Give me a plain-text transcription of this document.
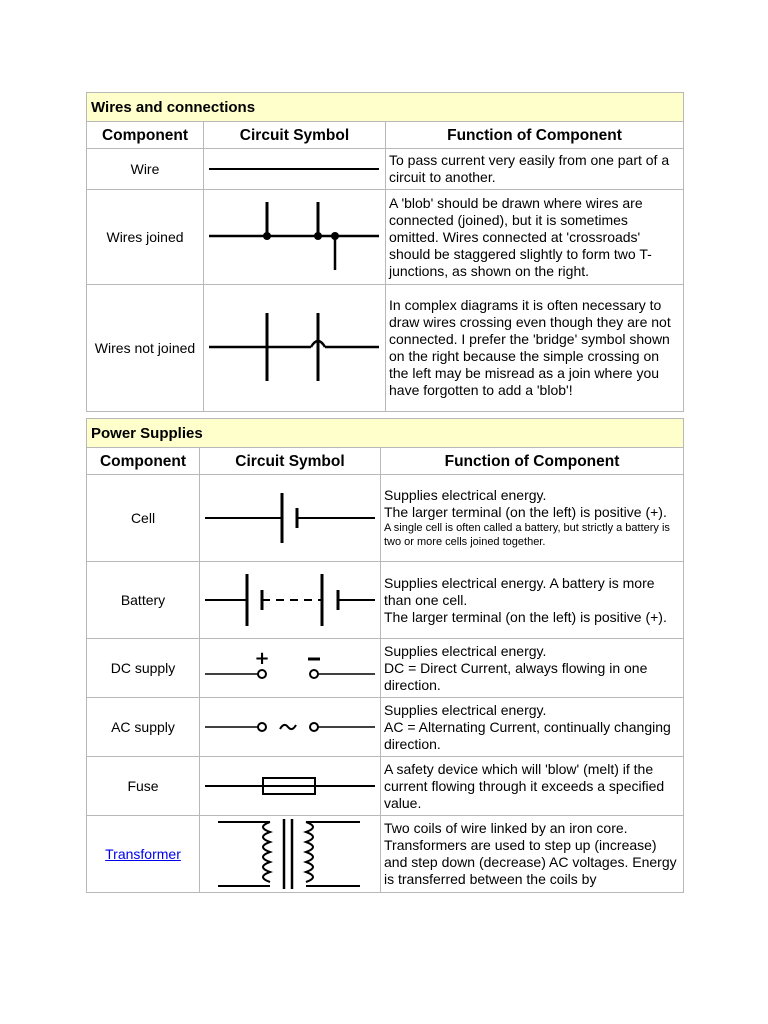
Wires and connections		
Component	Circuit Symbol	Function of Component
Wire		To pass current very easily from one part of a circuit to another.

Wires joined		A 'blob' should be drawn where wires are connected (joined), but it is sometimes omitted. Wires connected at 'crossroads' should be staggered slightly to form two T-junctions, as shown on the right.

Wires not joined		In complex diagrams it is often necessary to draw wires crossing even though they are not connected. I prefer the 'bridge' symbol shown on the right because the simple crossing on the left may be misread as a join where you have forgotten to add a 'blob'!
Power Supplies		
Component	Circuit Symbol	Function of Component
Cell		Supplies electrical energy.
The larger terminal (on the left) is positive (+).
A single cell is often called a battery, but strictly a battery is two or more cells joined together.

Battery		Supplies electrical energy. A battery is more than one cell.
The larger terminal (on the left) is positive (+).

DC supply	+	Supplies electrical energy.
DC = Direct Current, always flowing in one direction.

AC supply		Supplies electrical energy.
AC = Alternating Current, continually changing direction.

Fuse		A safety device which will 'blow' (melt) if the current flowing through it exceeds a specified value.

Transformer		Two coils of wire linked by an iron core. Transformers are used to step up (increase) and step down (decrease) AC voltages. Energy is transferred between the coils by
